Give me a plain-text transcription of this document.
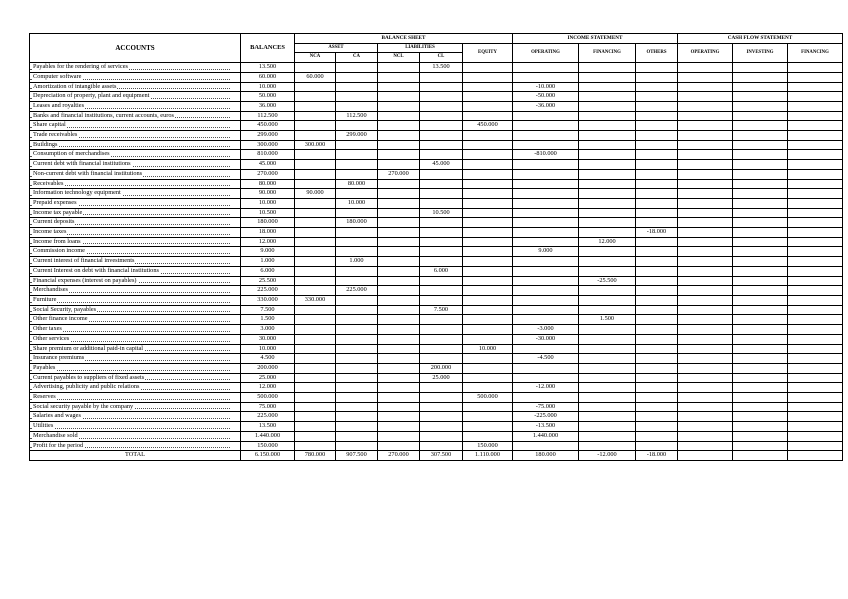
ACCOUNTS	BALANCES	BALANCE SHEET					INCOME STATEMENT			CASH FLOW STATEMENT		
		ASSET		LIABILITIES		EQUITY	OPERATING	FINANCING	OTHERS	OPERATING	INVESTING	FINANCING
		NCA	CA	NCL	CL							

Payables for the rendering of services	13.500				13.500							

Computer software	60.000	60.000										

Amortization of intangible assets	10.000						-10.000					

Depreciation of property, plant and equipment	50.000						-50.000					

Leases and royalties	36.000						-36.000					

Banks and financial institutions, current accounts, euros	112.500		112.500									

Share capital	450.000					450.000						

Trade receivables	299.000		299.000									

Buildings	300.000	300.000										

Consumption of merchandises	810.000						-810.000					

Current debt with financial institutions	45.000				45.000							

Non-current debt with financial institutions	270.000			270.000								

Receivables	80.000		80.000									

Information technology equipment	90.000	90.000										

Prepaid expenses	10.000		10.000									

Income tax payable	10.500				10.500							

Current deposits	180.000		180.000									

Income taxes	18.000								-18.000			

Income from loans	12.000							12.000				

Commission income	9.000						9.000					

Current interest of financial investments	1.000		1.000									

Current Interest on debt with financial institutions	6.000				6.000							

Financial expenses (interest on payables)	25.500							-25.500				

Merchandises	225.000		225.000									

Furniture	330.000	330.000										

Social Security, payables	7.500				7.500							

Other finance income	1.500							1.500				

Other taxes	3.000						-3.000					

Other services	30.000						-30.000					

Share premium or additional paid-in capital	10.000					10.000						

Insurance premiums	4.500						-4.500					

Payables	200.000				200.000							

Current payables to suppliers of fixed assets	25.000				25.000							

Advertising, publicity and public relations	12.000						-12.000					

Reserves	500.000					500.000						

Social security payable by the company	75.000						-75.000					

Salaries and wages	225.000						-225.000					

Utilities	13.500						-13.500					

Merchandise sold	1.440.000						1.440.000					

Profit for the period	150.000					150.000						
TOTAL	6.150.000	780.000	907.500	270.000	307.500	1.110.000	180.000	-12.000	-18.000			
